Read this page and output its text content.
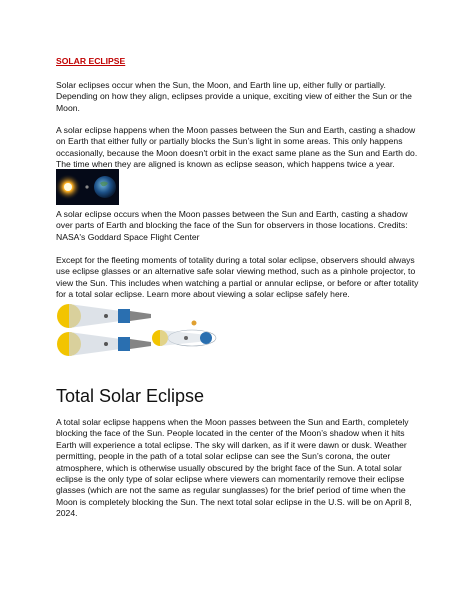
SOLAR ECLIPSE

Solar eclipses occur when the Sun, the Moon, and Earth line up, either fully or partially. Depending on how they align, eclipses provide a unique, exciting view of either the Sun or the Moon.

A solar eclipse happens when the Moon passes between the Sun and Earth, casting a shadow on Earth that either fully or partially blocks the Sun’s light in some areas. This only happens occasionally, because the Moon doesn't orbit in the exact same plane as the Sun and Earth do. The time when they are aligned is known as eclipse season, which happens twice a year.

A solar eclipse occurs when the Moon passes between the Sun and Earth, casting a shadow over parts of Earth and blocking the face of the Sun for observers in those locations. Credits: NASA's Goddard Space Flight Center

Except for the fleeting moments of totality during a total solar eclipse, observers should always use eclipse glasses or an alternative safe solar viewing method, such as a pinhole projector, to view the Sun. This includes when watching a partial or annular eclipse, or before or after totality for a total solar eclipse. Learn more about viewing a solar eclipse safely here.

Total Solar Eclipse

A total solar eclipse happens when the Moon passes between the Sun and Earth, completely blocking the face of the Sun. People located in the center of the Moon’s shadow when it hits Earth will experience a total eclipse. The sky will darken, as if it were dawn or dusk. Weather permitting, people in the path of a total solar eclipse can see the Sun’s corona, the outer atmosphere, which is otherwise usually obscured by the bright face of the Sun. A total solar eclipse is the only type of solar eclipse where viewers can momentarily remove their eclipse glasses (which are not the same as regular sunglasses) for the brief period of time when the Moon is completely blocking the Sun. The next total solar eclipse in the U.S. will be on April 8, 2024.
